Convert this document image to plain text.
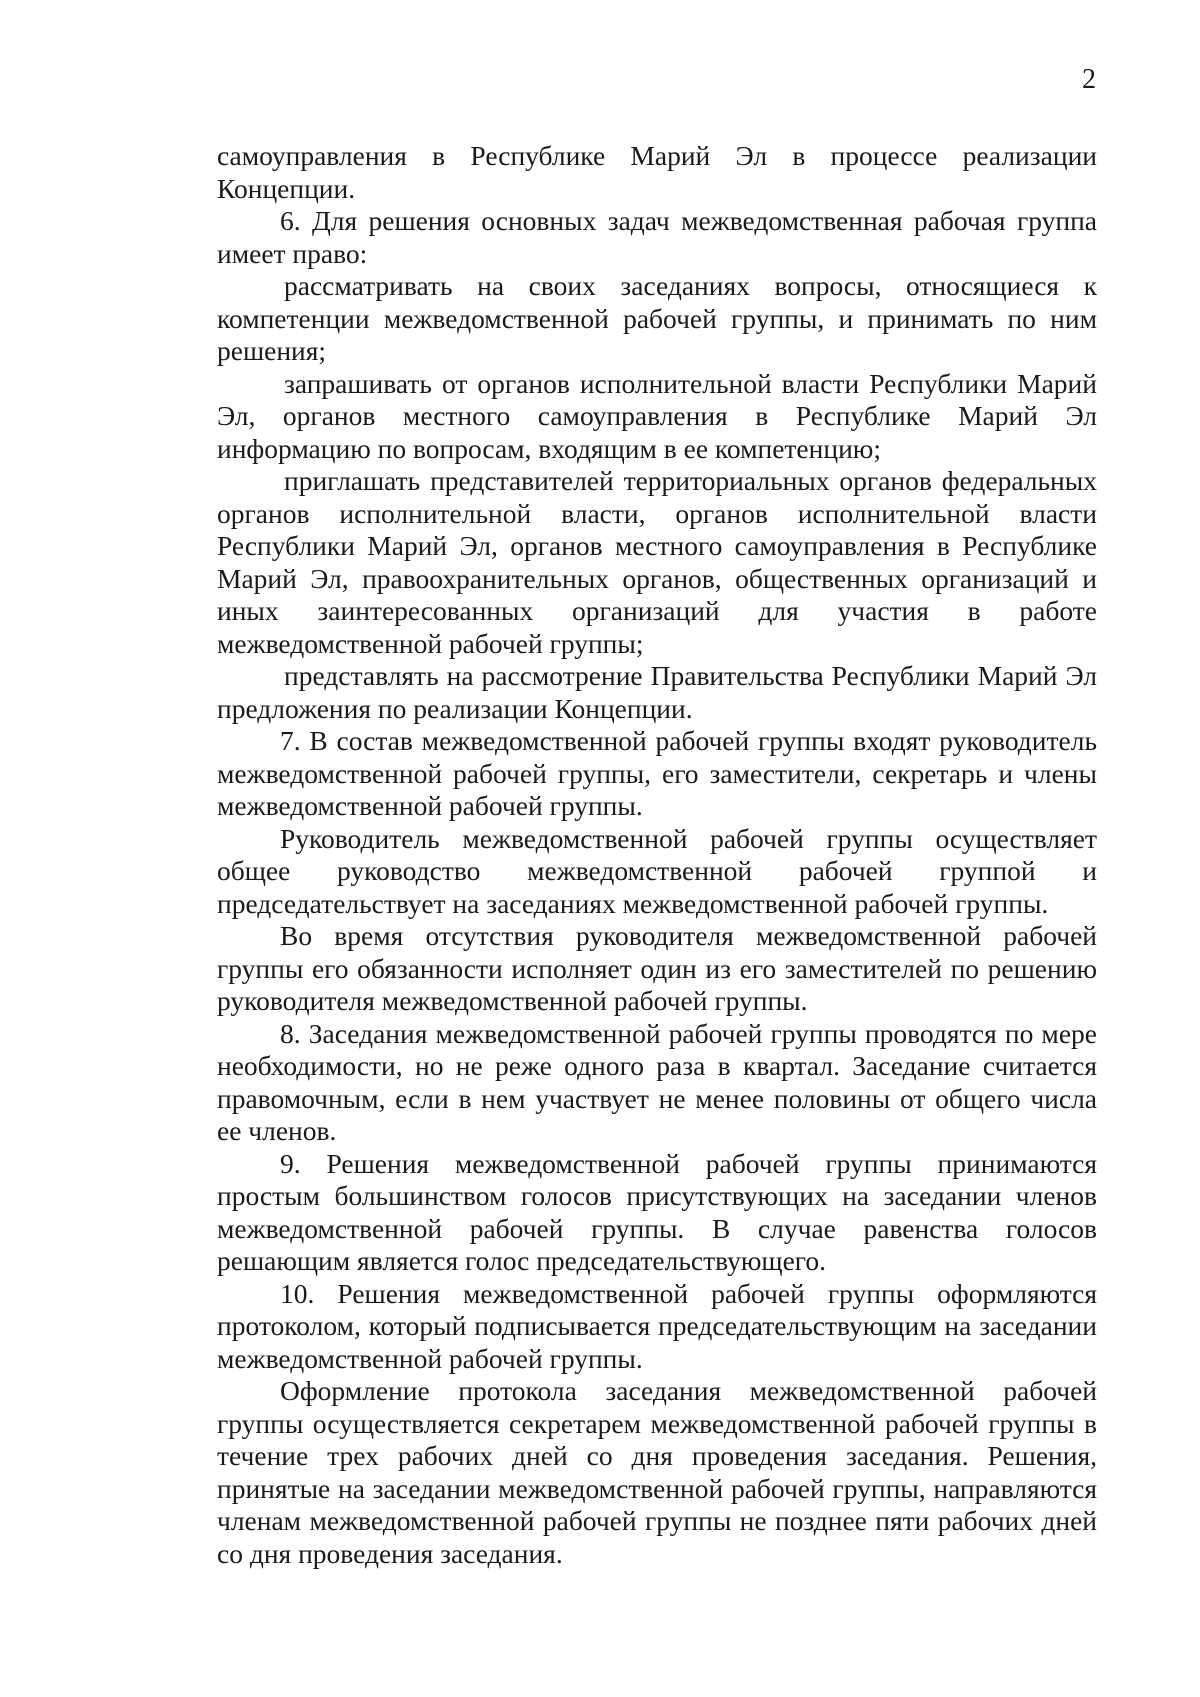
2

самоуправления в Республике Марий Эл в процессе реализации Концепции.

6. Для решения основных задач межведомственная рабочая группа имеет право:

рассматривать на своих заседаниях вопросы, относящиеся к компетенции межведомственной рабочей группы, и принимать по ним решения;

запрашивать от органов исполнительной власти Республики Марий Эл, органов местного самоуправления в Республике Марий Эл информацию по вопросам, входящим в ее компетенцию;

приглашать представителей территориальных органов федеральных органов исполнительной власти, органов исполнительной власти Республики Марий Эл, органов местного самоуправления в Республике Марий Эл, правоохранительных органов, общественных организаций и иных заинтересованных организаций для участия в работе межведомственной рабочей группы;

представлять на рассмотрение Правительства Республики Марий Эл предложения по реализации Концепции.

7. В состав межведомственной рабочей группы входят руководитель межведомственной рабочей группы, его заместители, секретарь и члены межведомственной рабочей группы.

Руководитель межведомственной рабочей группы осуществляет общее руководство межведомственной рабочей группой и председательствует на заседаниях межведомственной рабочей группы.

Во время отсутствия руководителя межведомственной рабочей группы его обязанности исполняет один из его заместителей по решению руководителя межведомственной рабочей группы.

8. Заседания межведомственной рабочей группы проводятся по мере необходимости, но не реже одного раза в квартал. Заседание считается правомочным, если в нем участвует не менее половины от общего числа ее членов.

9. Решения межведомственной рабочей группы принимаются простым большинством голосов присутствующих на заседании членов межведомственной рабочей группы. В случае равенства голосов решающим является голос председательствующего.

10. Решения межведомственной рабочей группы оформляются протоколом, который подписывается председательствующим на заседании межведомственной рабочей группы.

Оформление протокола заседания межведомственной рабочей группы осуществляется секретарем межведомственной рабочей группы в течение трех рабочих дней со дня проведения заседания. Решения, принятые на заседании межведомственной рабочей группы, направляются членам межведомственной рабочей группы не позднее пяти рабочих дней со дня проведения заседания.
